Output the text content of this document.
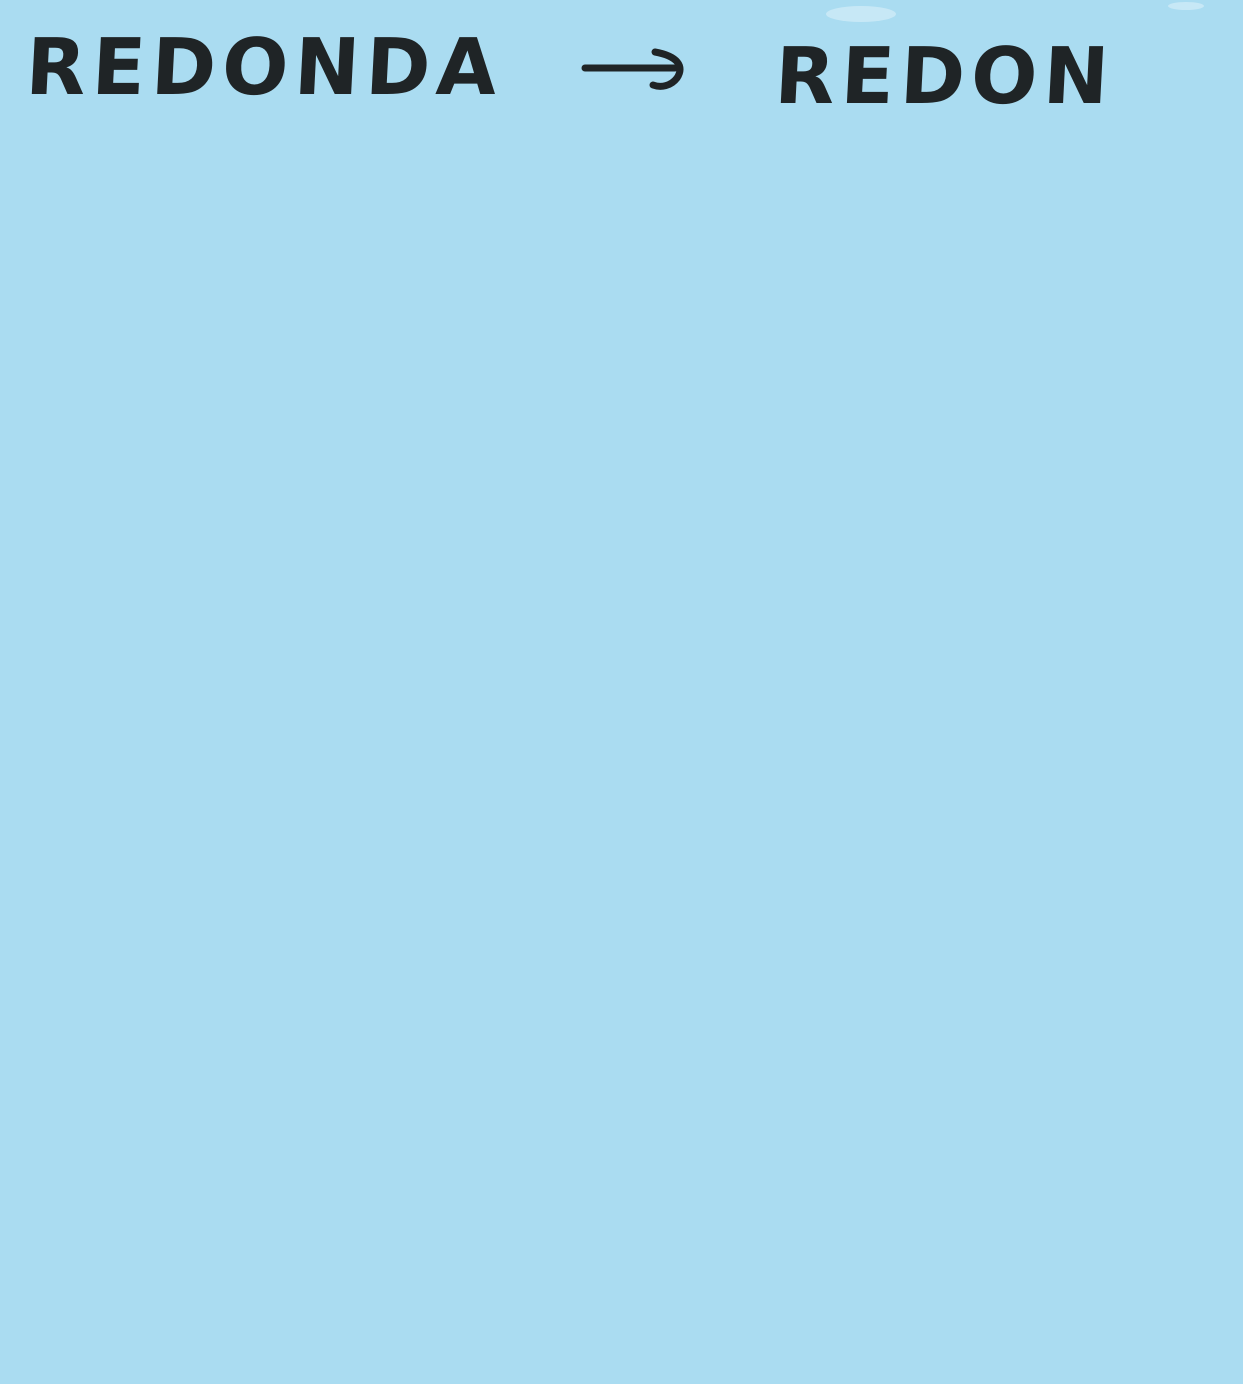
REDONDA	REDON
